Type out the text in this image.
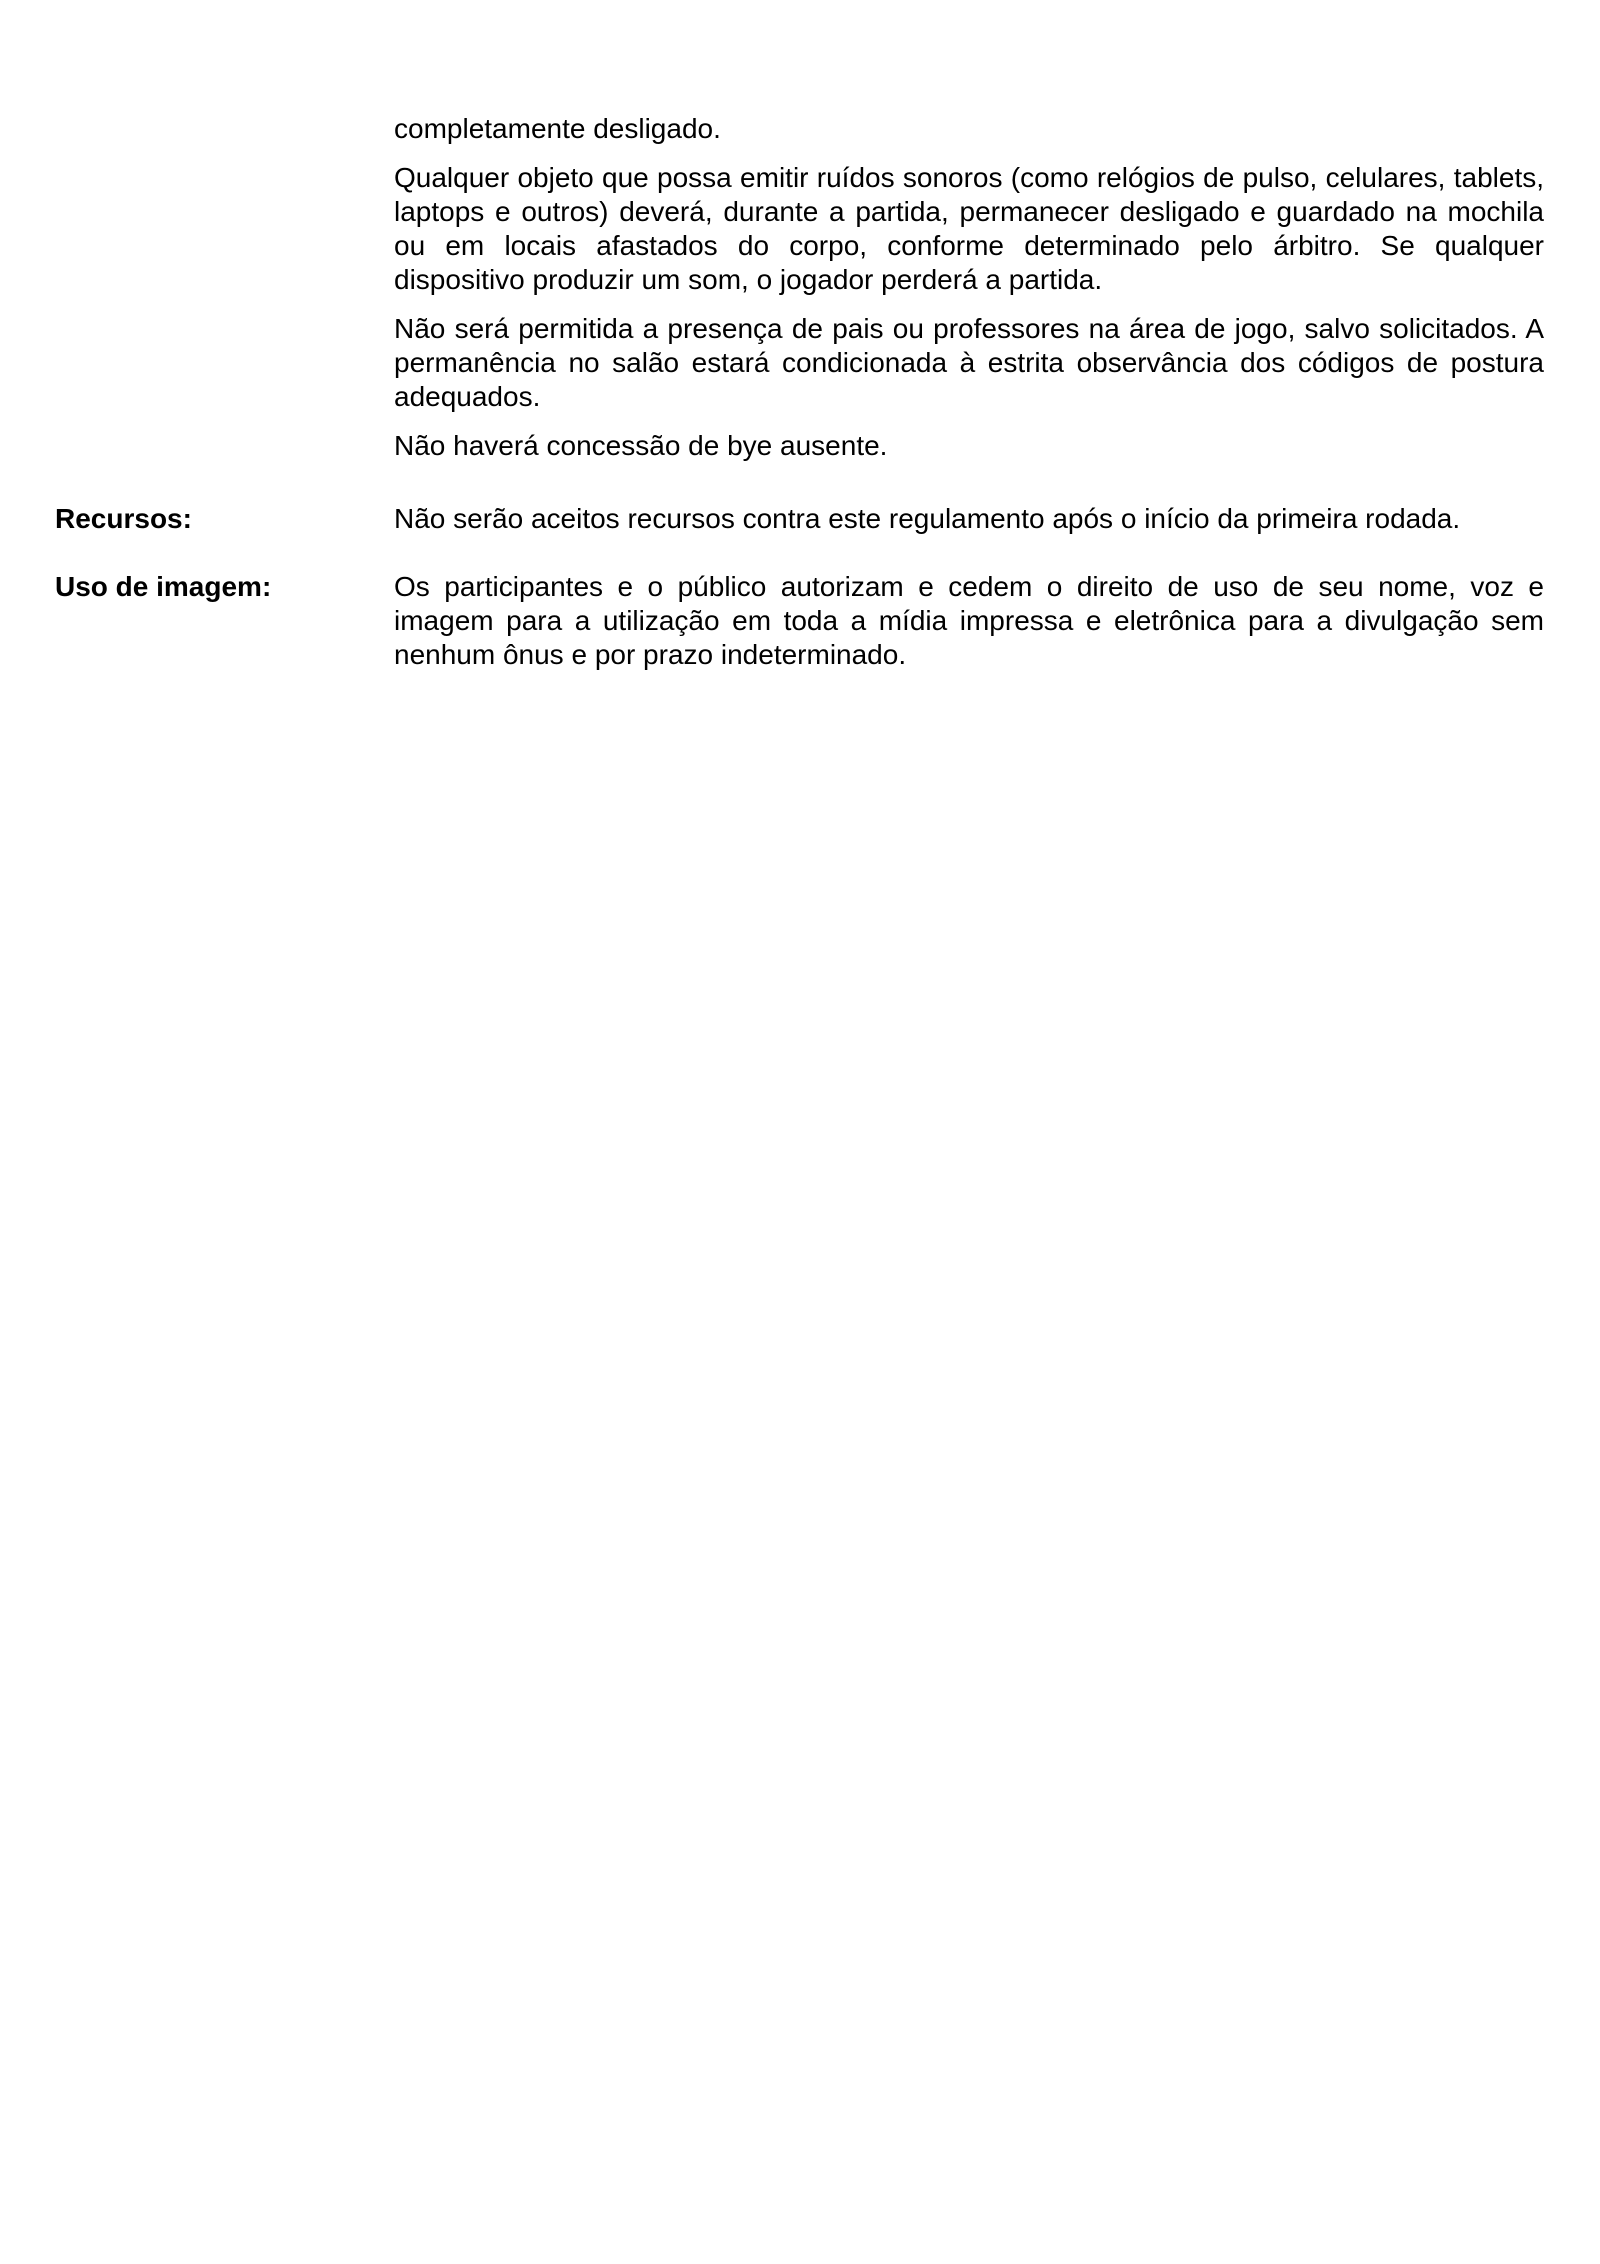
completamente desligado.

Qualquer objeto que possa emitir ruídos sonoros (como relógios de pulso, celulares, tablets, laptops e outros) deverá, durante a partida, permanecer desligado e guardado na mochila ou em locais afastados do corpo, conforme determinado pelo árbitro. Se qualquer dispositivo produzir um som, o jogador perderá a partida.

Não será permitida a presença de pais ou professores na área de jogo, salvo solicitados. A permanência no salão estará condicionada à estrita observância dos códigos de postura adequados.

Não haverá concessão de bye ausente.

Recursos:	Não serão aceitos recursos contra este regulamento após o início da primeira rodada.

Uso de imagem:	Os participantes e o público autorizam e cedem o direito de uso de seu nome, voz e imagem para a utilização em toda a mídia impressa e eletrônica para a divulgação sem nenhum ônus e por prazo indeterminado.
